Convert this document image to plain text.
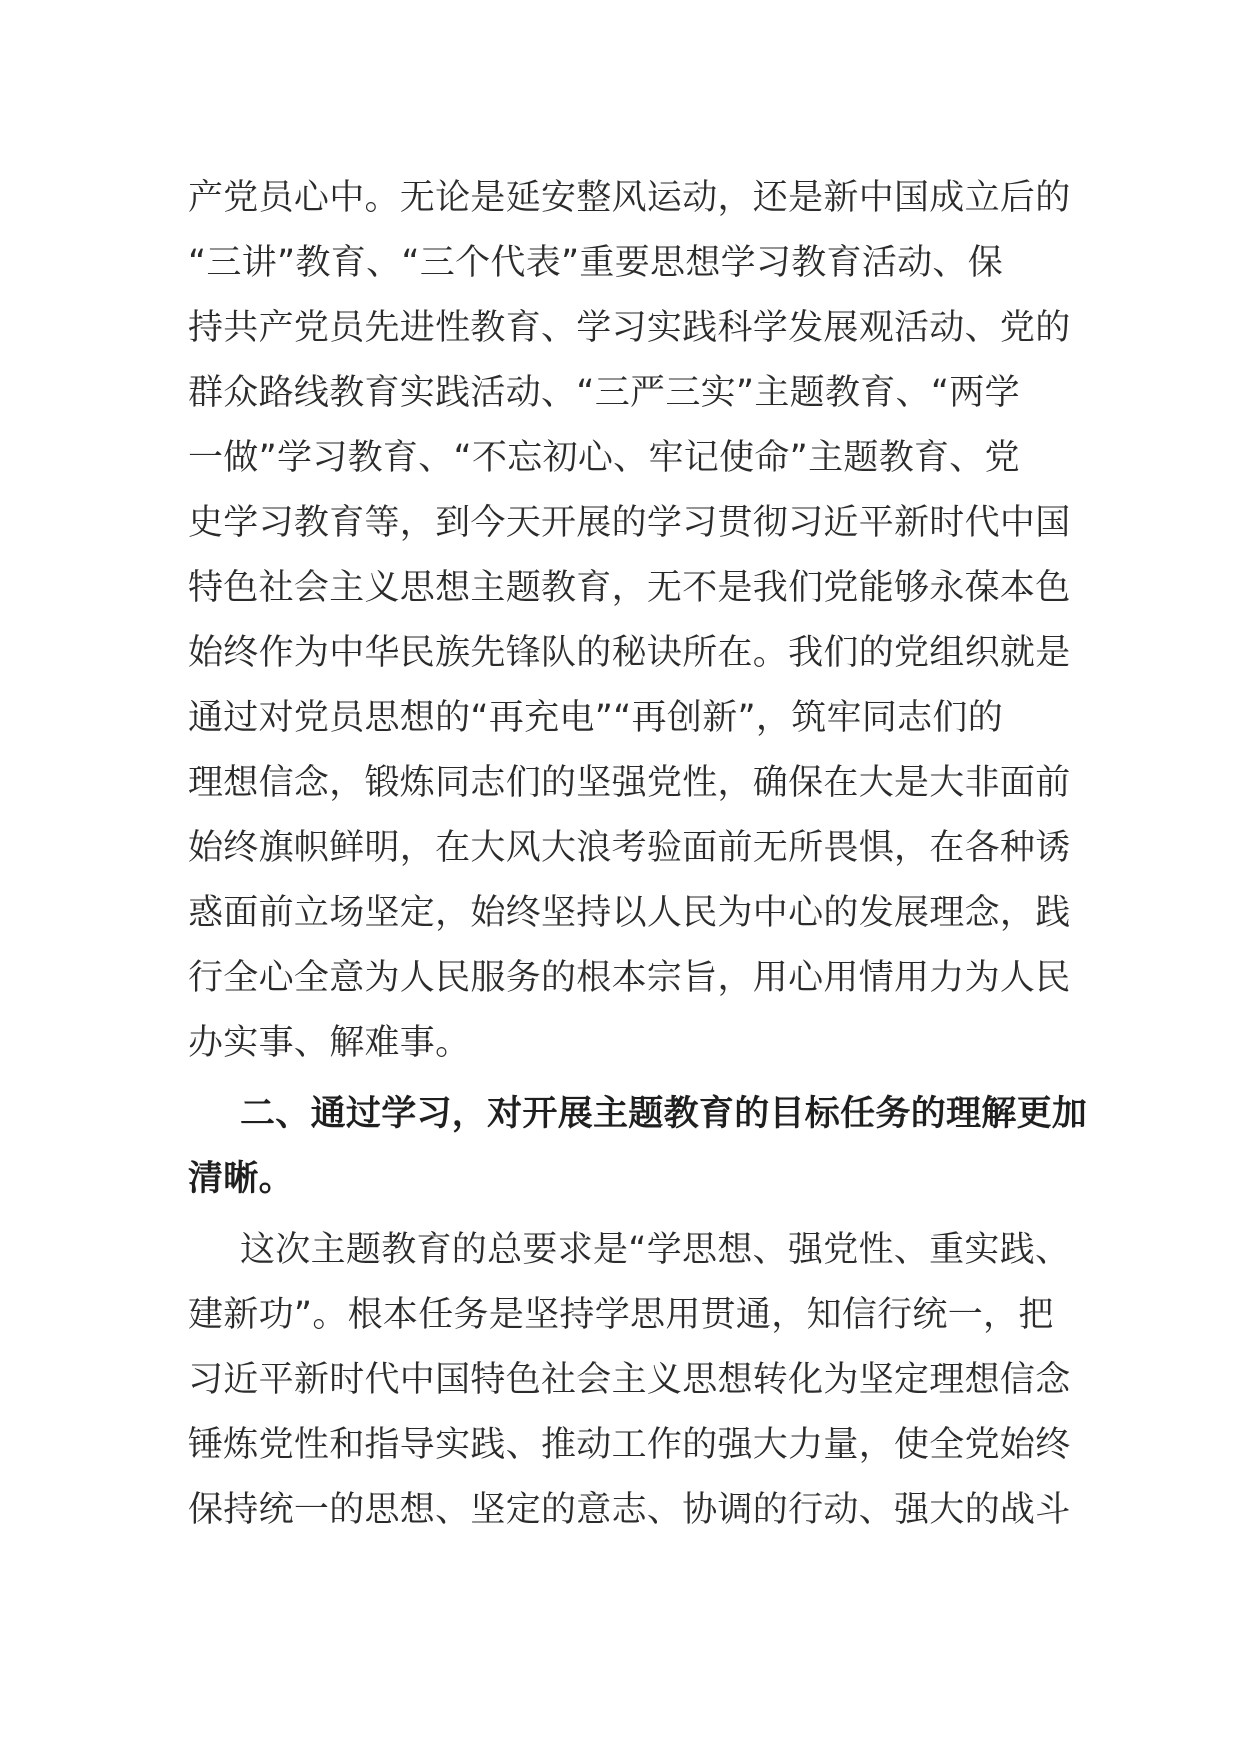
产党员心中。无论是延安整风运动，还是新中国成立后的
“三讲”教育、“三个代表”重要思想学习教育活动、保
持共产党员先进性教育、学习实践科学发展观活动、党的
群众路线教育实践活动、“三严三实”主题教育、“两学
一做”学习教育、“不忘初心、牢记使命”主题教育、党
史学习教育等，到今天开展的学习贯彻习近平新时代中国
特色社会主义思想主题教育，无不是我们党能够永葆本色
始终作为中华民族先锋队的秘诀所在。我们的党组织就是
通过对党员思想的“再充电”“再创新”，筑牢同志们的
理想信念，锻炼同志们的坚强党性，确保在大是大非面前
始终旗帜鲜明，在大风大浪考验面前无所畏惧，在各种诱
惑面前立场坚定，始终坚持以人民为中心的发展理念，践
行全心全意为人民服务的根本宗旨，用心用情用力为人民
办实事、解难事。
二、通过学习，对开展主题教育的目标任务的理解更加
清晰。
这次主题教育的总要求是“学思想、强党性、重实践、
建新功”。根本任务是坚持学思用贯通，知信行统一，把
习近平新时代中国特色社会主义思想转化为坚定理想信念
锤炼党性和指导实践、推动工作的强大力量，使全党始终
保持统一的思想、坚定的意志、协调的行动、强大的战斗
